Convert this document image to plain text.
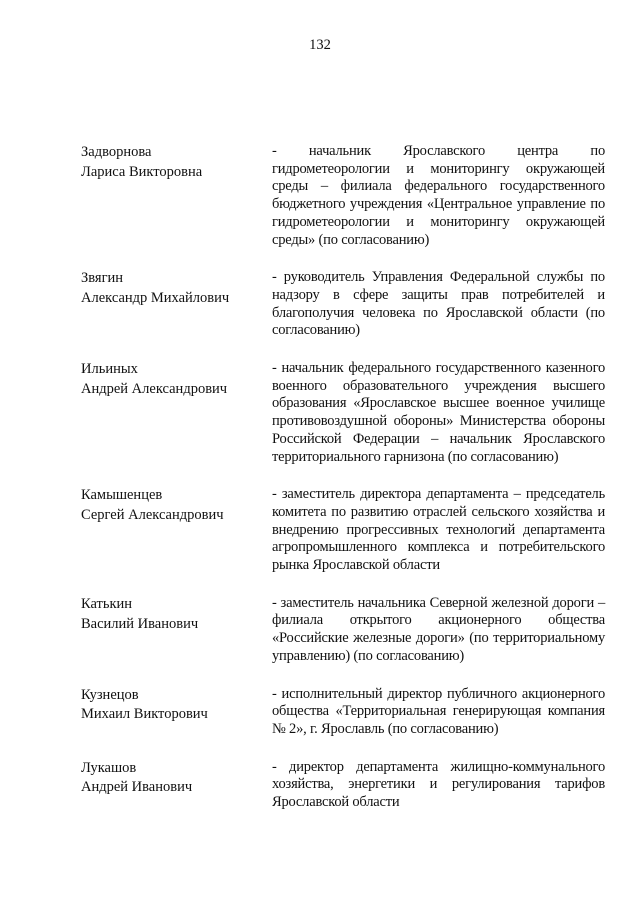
132
Задворнова
Лариса Викторовна
- начальник Ярославского центра по гидрометеорологии и мониторингу окружающей среды – филиала федерального государственного бюджетного учреждения «Центральное управление по гидрометеорологии и мониторингу окружающей среды» (по согласованию)
Звягин
Александр Михайлович
- руководитель Управления Федеральной службы по надзору в сфере защиты прав потребителей и благополучия человека по Ярославской области (по согласованию)
Ильиных
Андрей Александрович
- начальник федерального государственного казенного военного образовательного учреждения высшего образования «Ярославское высшее военное училище противовоздушной обороны» Министерства обороны Российской Федерации – начальник Ярославского территориального гарнизона (по согласованию)
Камышенцев
Сергей Александрович
- заместитель директора департамента – председатель комитета по развитию отраслей сельского хозяйства и внедрению прогрессивных технологий департамента агропромышленного комплекса и потребительского рынка Ярославской области
Катькин
Василий Иванович
- заместитель начальника Северной железной дороги – филиала открытого акционерного общества «Российские железные дороги» (по территориальному управлению) (по согласованию)
Кузнецов
Михаил Викторович
- исполнительный директор публичного акционерного общества «Территориальная генерирующая компания № 2», г. Ярославль (по согласованию)
Лукашов
Андрей Иванович
- директор департамента жилищно-коммунального хозяйства, энергетики и регулирования тарифов Ярославской области
